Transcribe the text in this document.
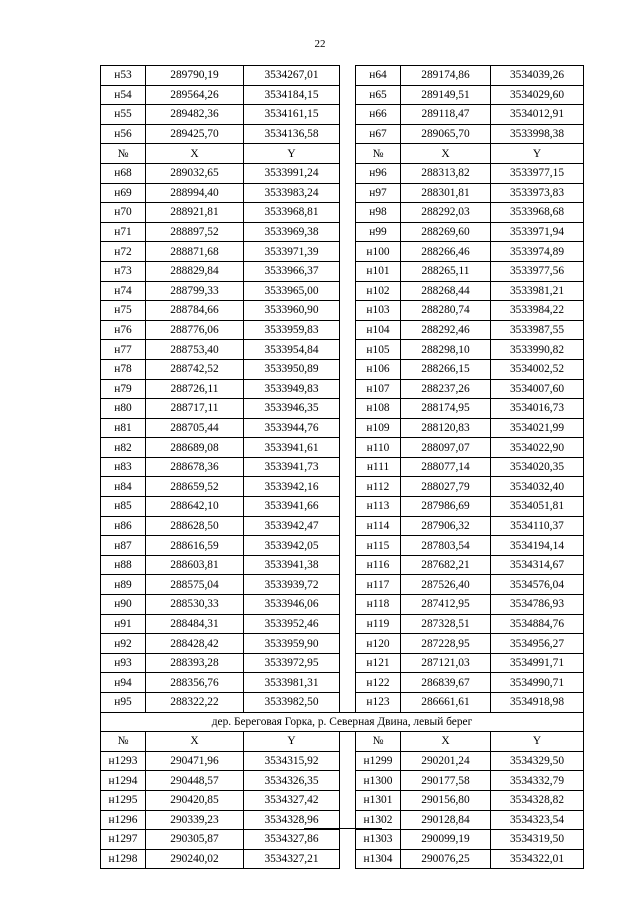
22
н53	289790,19	3534267,01		н64	289174,86	3534039,26
н54	289564,26	3534184,15		н65	289149,51	3534029,60
н55	289482,36	3534161,15		н66	289118,47	3534012,91
н56	289425,70	3534136,58		н67	289065,70	3533998,38
№	X	Y		№	X	Y
н68	289032,65	3533991,24		н96	288313,82	3533977,15
н69	288994,40	3533983,24		н97	288301,81	3533973,83
н70	288921,81	3533968,81		н98	288292,03	3533968,68
н71	288897,52	3533969,38		н99	288269,60	3533971,94
н72	288871,68	3533971,39		н100	288266,46	3533974,89
н73	288829,84	3533966,37		н101	288265,11	3533977,56
н74	288799,33	3533965,00		н102	288268,44	3533981,21
н75	288784,66	3533960,90		н103	288280,74	3533984,22
н76	288776,06	3533959,83		н104	288292,46	3533987,55
н77	288753,40	3533954,84		н105	288298,10	3533990,82
н78	288742,52	3533950,89		н106	288266,15	3534002,52
н79	288726,11	3533949,83		н107	288237,26	3534007,60
н80	288717,11	3533946,35		н108	288174,95	3534016,73
н81	288705,44	3533944,76		н109	288120,83	3534021,99
н82	288689,08	3533941,61		н110	288097,07	3534022,90
н83	288678,36	3533941,73		н111	288077,14	3534020,35
н84	288659,52	3533942,16		н112	288027,79	3534032,40
н85	288642,10	3533941,66		н113	287986,69	3534051,81
н86	288628,50	3533942,47		н114	287906,32	3534110,37
н87	288616,59	3533942,05		н115	287803,54	3534194,14
н88	288603,81	3533941,38		н116	287682,21	3534314,67
н89	288575,04	3533939,72		н117	287526,40	3534576,04
н90	288530,33	3533946,06		н118	287412,95	3534786,93
н91	288484,31	3533952,46		н119	287328,51	3534884,76
н92	288428,42	3533959,90		н120	287228,95	3534956,27
н93	288393,28	3533972,95		н121	287121,03	3534991,71
н94	288356,76	3533981,31		н122	286839,67	3534990,71
н95	288322,22	3533982,50		н123	286661,61	3534918,98
дер. Береговая Горка, р. Северная Двина, левый берег						
№	X	Y		№	X	Y
н1293	290471,96	3534315,92		н1299	290201,24	3534329,50
н1294	290448,57	3534326,35		н1300	290177,58	3534332,79
н1295	290420,85	3534327,42		н1301	290156,80	3534328,82
н1296	290339,23	3534328,96		н1302	290128,84	3534323,54
н1297	290305,87	3534327,86		н1303	290099,19	3534319,50
н1298	290240,02	3534327,21		н1304	290076,25	3534322,01
